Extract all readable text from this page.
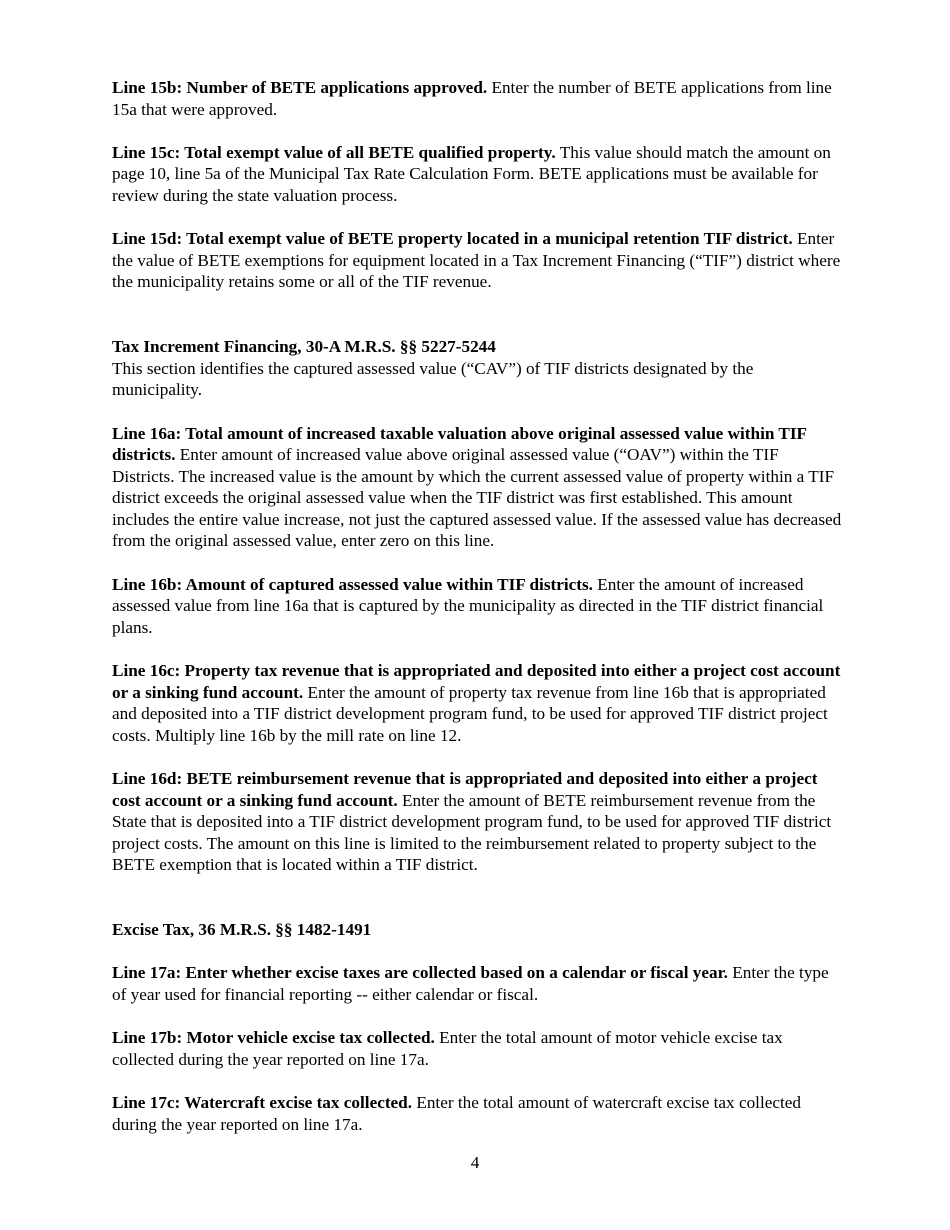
Line 15b: Number of BETE applications approved. Enter the number of BETE applications from line 15a that were approved.

Line 15c: Total exempt value of all BETE qualified property. This value should match the amount on page 10, line 5a of the Municipal Tax Rate Calculation Form. BETE applications must be available for review during the state valuation process.

Line 15d: Total exempt value of BETE property located in a municipal retention TIF district. Enter the value of BETE exemptions for equipment located in a Tax Increment Financing (“TIF”) district where the municipality retains some or all of the TIF revenue.

Tax Increment Financing, 30-A M.R.S. §§ 5227-5244

This section identifies the captured assessed value (“CAV”) of TIF districts designated by the municipality.

Line 16a: Total amount of increased taxable valuation above original assessed value within TIF districts. Enter amount of increased value above original assessed value (“OAV”) within the TIF Districts. The increased value is the amount by which the current assessed value of property within a TIF district exceeds the original assessed value when the TIF district was first established. This amount includes the entire value increase, not just the captured assessed value. If the assessed value has decreased from the original assessed value, enter zero on this line.

Line 16b: Amount of captured assessed value within TIF districts. Enter the amount of increased assessed value from line 16a that is captured by the municipality as directed in the TIF district financial plans.

Line 16c: Property tax revenue that is appropriated and deposited into either a project cost account or a sinking fund account. Enter the amount of property tax revenue from line 16b that is appropriated and deposited into a TIF district development program fund, to be used for approved TIF district project costs. Multiply line 16b by the mill rate on line 12.

Line 16d: BETE reimbursement revenue that is appropriated and deposited into either a project cost account or a sinking fund account. Enter the amount of BETE reimbursement revenue from the State that is deposited into a TIF district development program fund, to be used for approved TIF district project costs. The amount on this line is limited to the reimbursement related to property subject to the BETE exemption that is located within a TIF district.

Excise Tax, 36 M.R.S. §§ 1482-1491

Line 17a: Enter whether excise taxes are collected based on a calendar or fiscal year. Enter the type of year used for financial reporting -- either calendar or fiscal.

Line 17b: Motor vehicle excise tax collected. Enter the total amount of motor vehicle excise tax collected during the year reported on line 17a.

Line 17c: Watercraft excise tax collected. Enter the total amount of watercraft excise tax collected during the year reported on line 17a.

4
